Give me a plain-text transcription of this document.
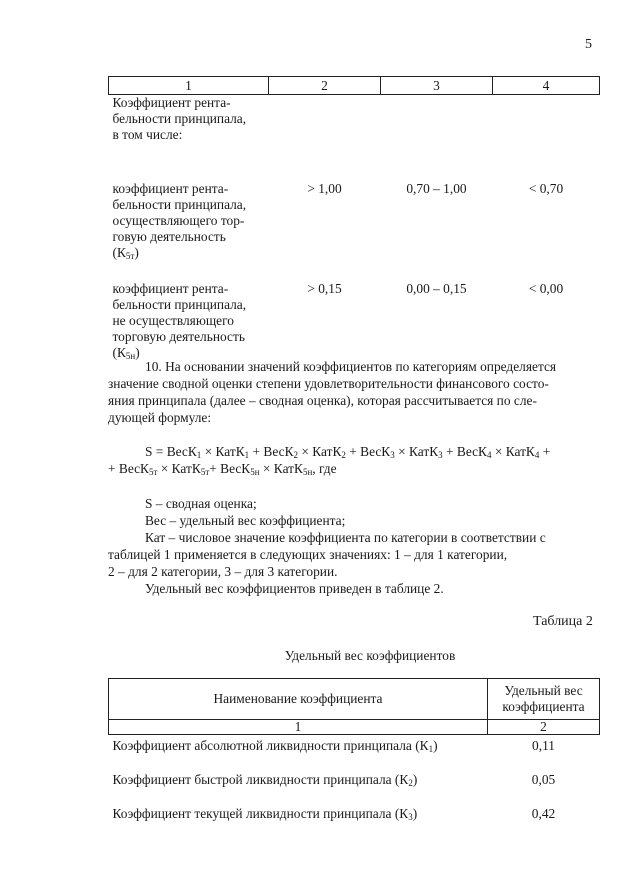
5
1	2	3	4

Коэффициент рента-
бельности принципала,
в том числе:			

коэффициент рента-
бельности принципала,
осуществляющего тор-
говую деятельность
$(К_{5т})$	> 1,00	0,70 – 1,00	< 0,70

коэффициент рента-
бельности принципала,
не осуществляющего
торговую деятельность
$(К_{5н})$	> 0,15	0,00 – 0,15	< 0,00
10. На основании значений коэффициентов по категориям определяется
значение сводной оценки степени удовлетворительности финансового состо-
яния принципала (далее – сводная оценка), которая рассчитывается по сле-
дующей формуле:
S = ВесК$_1$ × КатК$_1$ + ВесК$_2$ × КатК$_2$ + ВесК$_3$ × КатК$_3$ + ВесК$_4$ × КатК$_4$ +
+ ВесК$_{5т}$ × КатК$_{5т}$+ ВесК$_{5н}$ × КатК$_{5н}$, где
S – сводная оценка;
Вес – удельный вес коэффициента;
Кат – числовое значение коэффициента по категории в соответствии с
таблицей 1 применяется в следующих значениях: 1 – для 1 категории,
2 – для 2 категории, 3 – для 3 категории.
Удельный вес коэффициентов приведен в таблице 2.
Таблица 2
Удельный вес коэффициентов
Наименование коэффициента	Удельный вес
коэффициента

1	2
Коэффициент абсолютной ликвидности принципала $(К_1)$	0,11
Коэффициент быстрой ликвидности принципала $(К_2)$	0,05
Коэффициент текущей ликвидности принципала $(К_3)$	0,42
